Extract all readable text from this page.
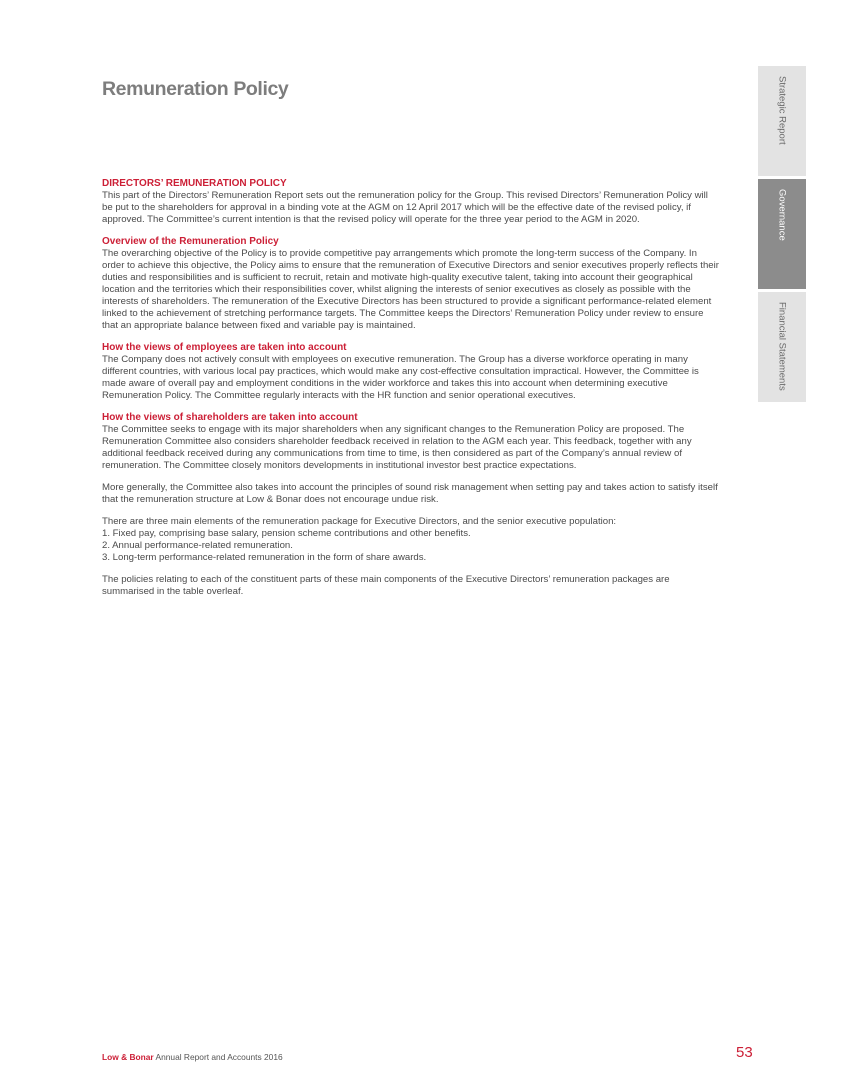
Remuneration Policy

DIRECTORS’ REMUNERATION POLICY

This part of the Directors’ Remuneration Report sets out the remuneration policy for the Group. This revised Directors’ Remuneration Policy will be put to the shareholders for approval in a binding vote at the AGM on 12 April 2017 which will be the effective date of the revised policy, if approved. The Committee’s current intention is that the revised policy will operate for the three year period to the AGM in 2020.

Overview of the Remuneration Policy

The overarching objective of the Policy is to provide competitive pay arrangements which promote the long-term success of the Company. In order to achieve this objective, the Policy aims to ensure that the remuneration of Executive Directors and senior executives properly reflects their duties and responsibilities and is sufficient to recruit, retain and motivate high-quality executive talent, taking into account their geographical location and the territories which their responsibilities cover, whilst aligning the interests of senior executives as closely as possible with the interests of shareholders. The remuneration of the Executive Directors has been structured to provide a significant performance-related element linked to the achievement of stretching performance targets. The Committee keeps the Directors’ Remuneration Policy under review to ensure that an appropriate balance between fixed and variable pay is maintained.

How the views of employees are taken into account

The Company does not actively consult with employees on executive remuneration. The Group has a diverse workforce operating in many different countries, with various local pay practices, which would make any cost-effective consultation impractical. However, the Committee is made aware of overall pay and employment conditions in the wider workforce and takes this into account when determining executive Remuneration Policy. The Committee regularly interacts with the HR function and senior operational executives.

How the views of shareholders are taken into account

The Committee seeks to engage with its major shareholders when any significant changes to the Remuneration Policy are proposed. The Remuneration Committee also considers shareholder feedback received in relation to the AGM each year. This feedback, together with any additional feedback received during any communications from time to time, is then considered as part of the Company’s annual review of remuneration. The Committee closely monitors developments in institutional investor best practice expectations.

More generally, the Committee also takes into account the principles of sound risk management when setting pay and takes action to satisfy itself that the remuneration structure at Low & Bonar does not encourage undue risk.

There are three main elements of the remuneration package for Executive Directors, and the senior executive population:

1. Fixed pay, comprising base salary, pension scheme contributions and other benefits.
2. Annual performance-related remuneration.
3. Long-term performance-related remuneration in the form of share awards.

The policies relating to each of the constituent parts of these main components of the Executive Directors’ remuneration packages are summarised in the table overleaf.

Strategic Report
Governance
Financial Statements
Low & Bonar Annual Report and Accounts 2016	53
